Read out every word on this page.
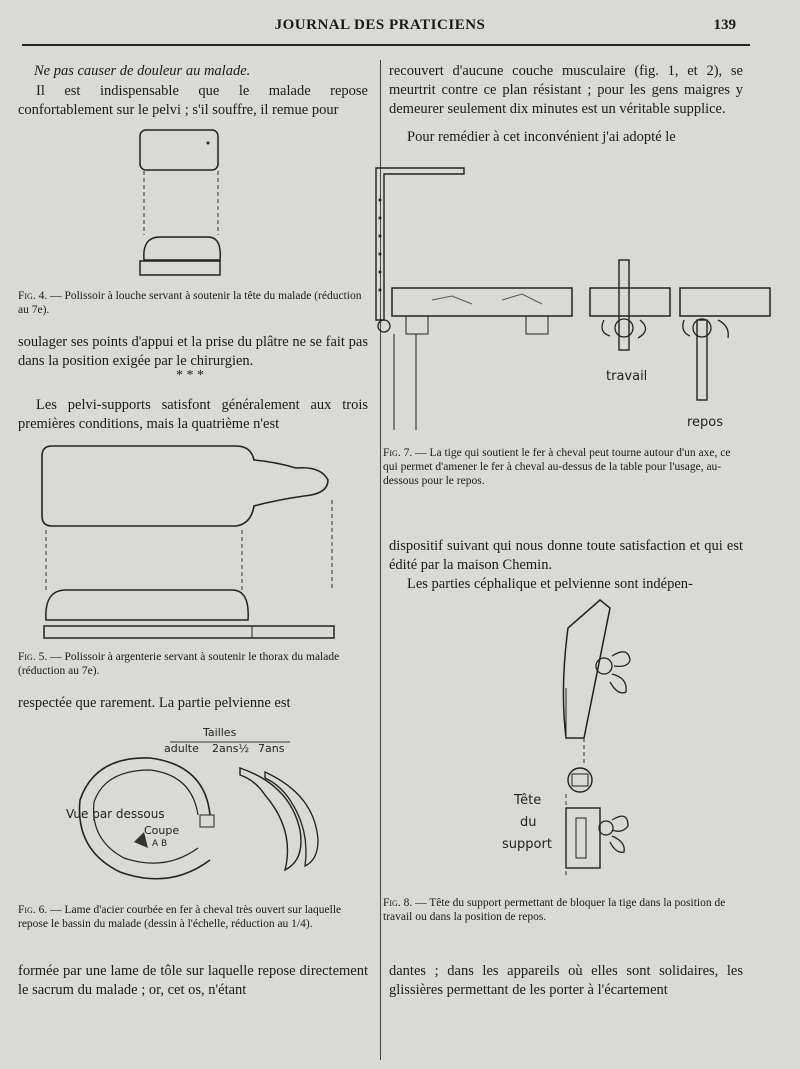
JOURNAL DES PRATICIENS	139

Ne pas causer de douleur au malade.

Il est indispensable que le malade repose confortablement sur le pelvi ; s'il souffre, il remue pour

Fig. 4. — Polissoir à louche servant à soutenir la tête du malade (réduction au 7e).

soulager ses points d'appui et la prise du plâtre ne se fait pas dans la position exigée par le chirurgien.

* * *

Les pelvi-supports satisfont généralement aux trois premières conditions, mais la quatrième n'est

Fig. 5. — Polissoir à argenterie servant à soutenir le thorax du malade (réduction au 7e).

respectée que rarement. La partie pelvienne est

Tailles
adulte 2ans½ 7ans
Vue par dessous
Coupe
A B
Fig. 6. — Lame d'acier courbée en fer à cheval très ouvert sur laquelle repose le bassin du malade (dessin à l'échelle, réduction au 1/4).

formée par une lame de tôle sur laquelle repose directement le sacrum du malade ; or, cet os, n'étant

recouvert d'aucune couche musculaire (fig. 1, et 2), se meurtrit contre ce plan résistant ; pour les gens maigres y demeurer seulement dix minutes est un véritable supplice.

Pour remédier à cet inconvénient j'ai adopté le

travail
repos
Fig. 7. — La tige qui soutient le fer à cheval peut tourne autour d'un axe, ce qui permet d'amener le fer à cheval au-dessus de la table pour l'usage, au-dessous pour le repos.

dispositif suivant qui nous donne toute satisfaction et qui est édité par la maison Chemin.

Les parties céphalique et pelvienne sont indépen-

Tête
du
support
Fig. 8. — Tête du support permettant de bloquer la tige dans la position de travail ou dans la position de repos.

dantes ; dans les appareils où elles sont solidaires, les glissières permettant de les porter à l'écartement
